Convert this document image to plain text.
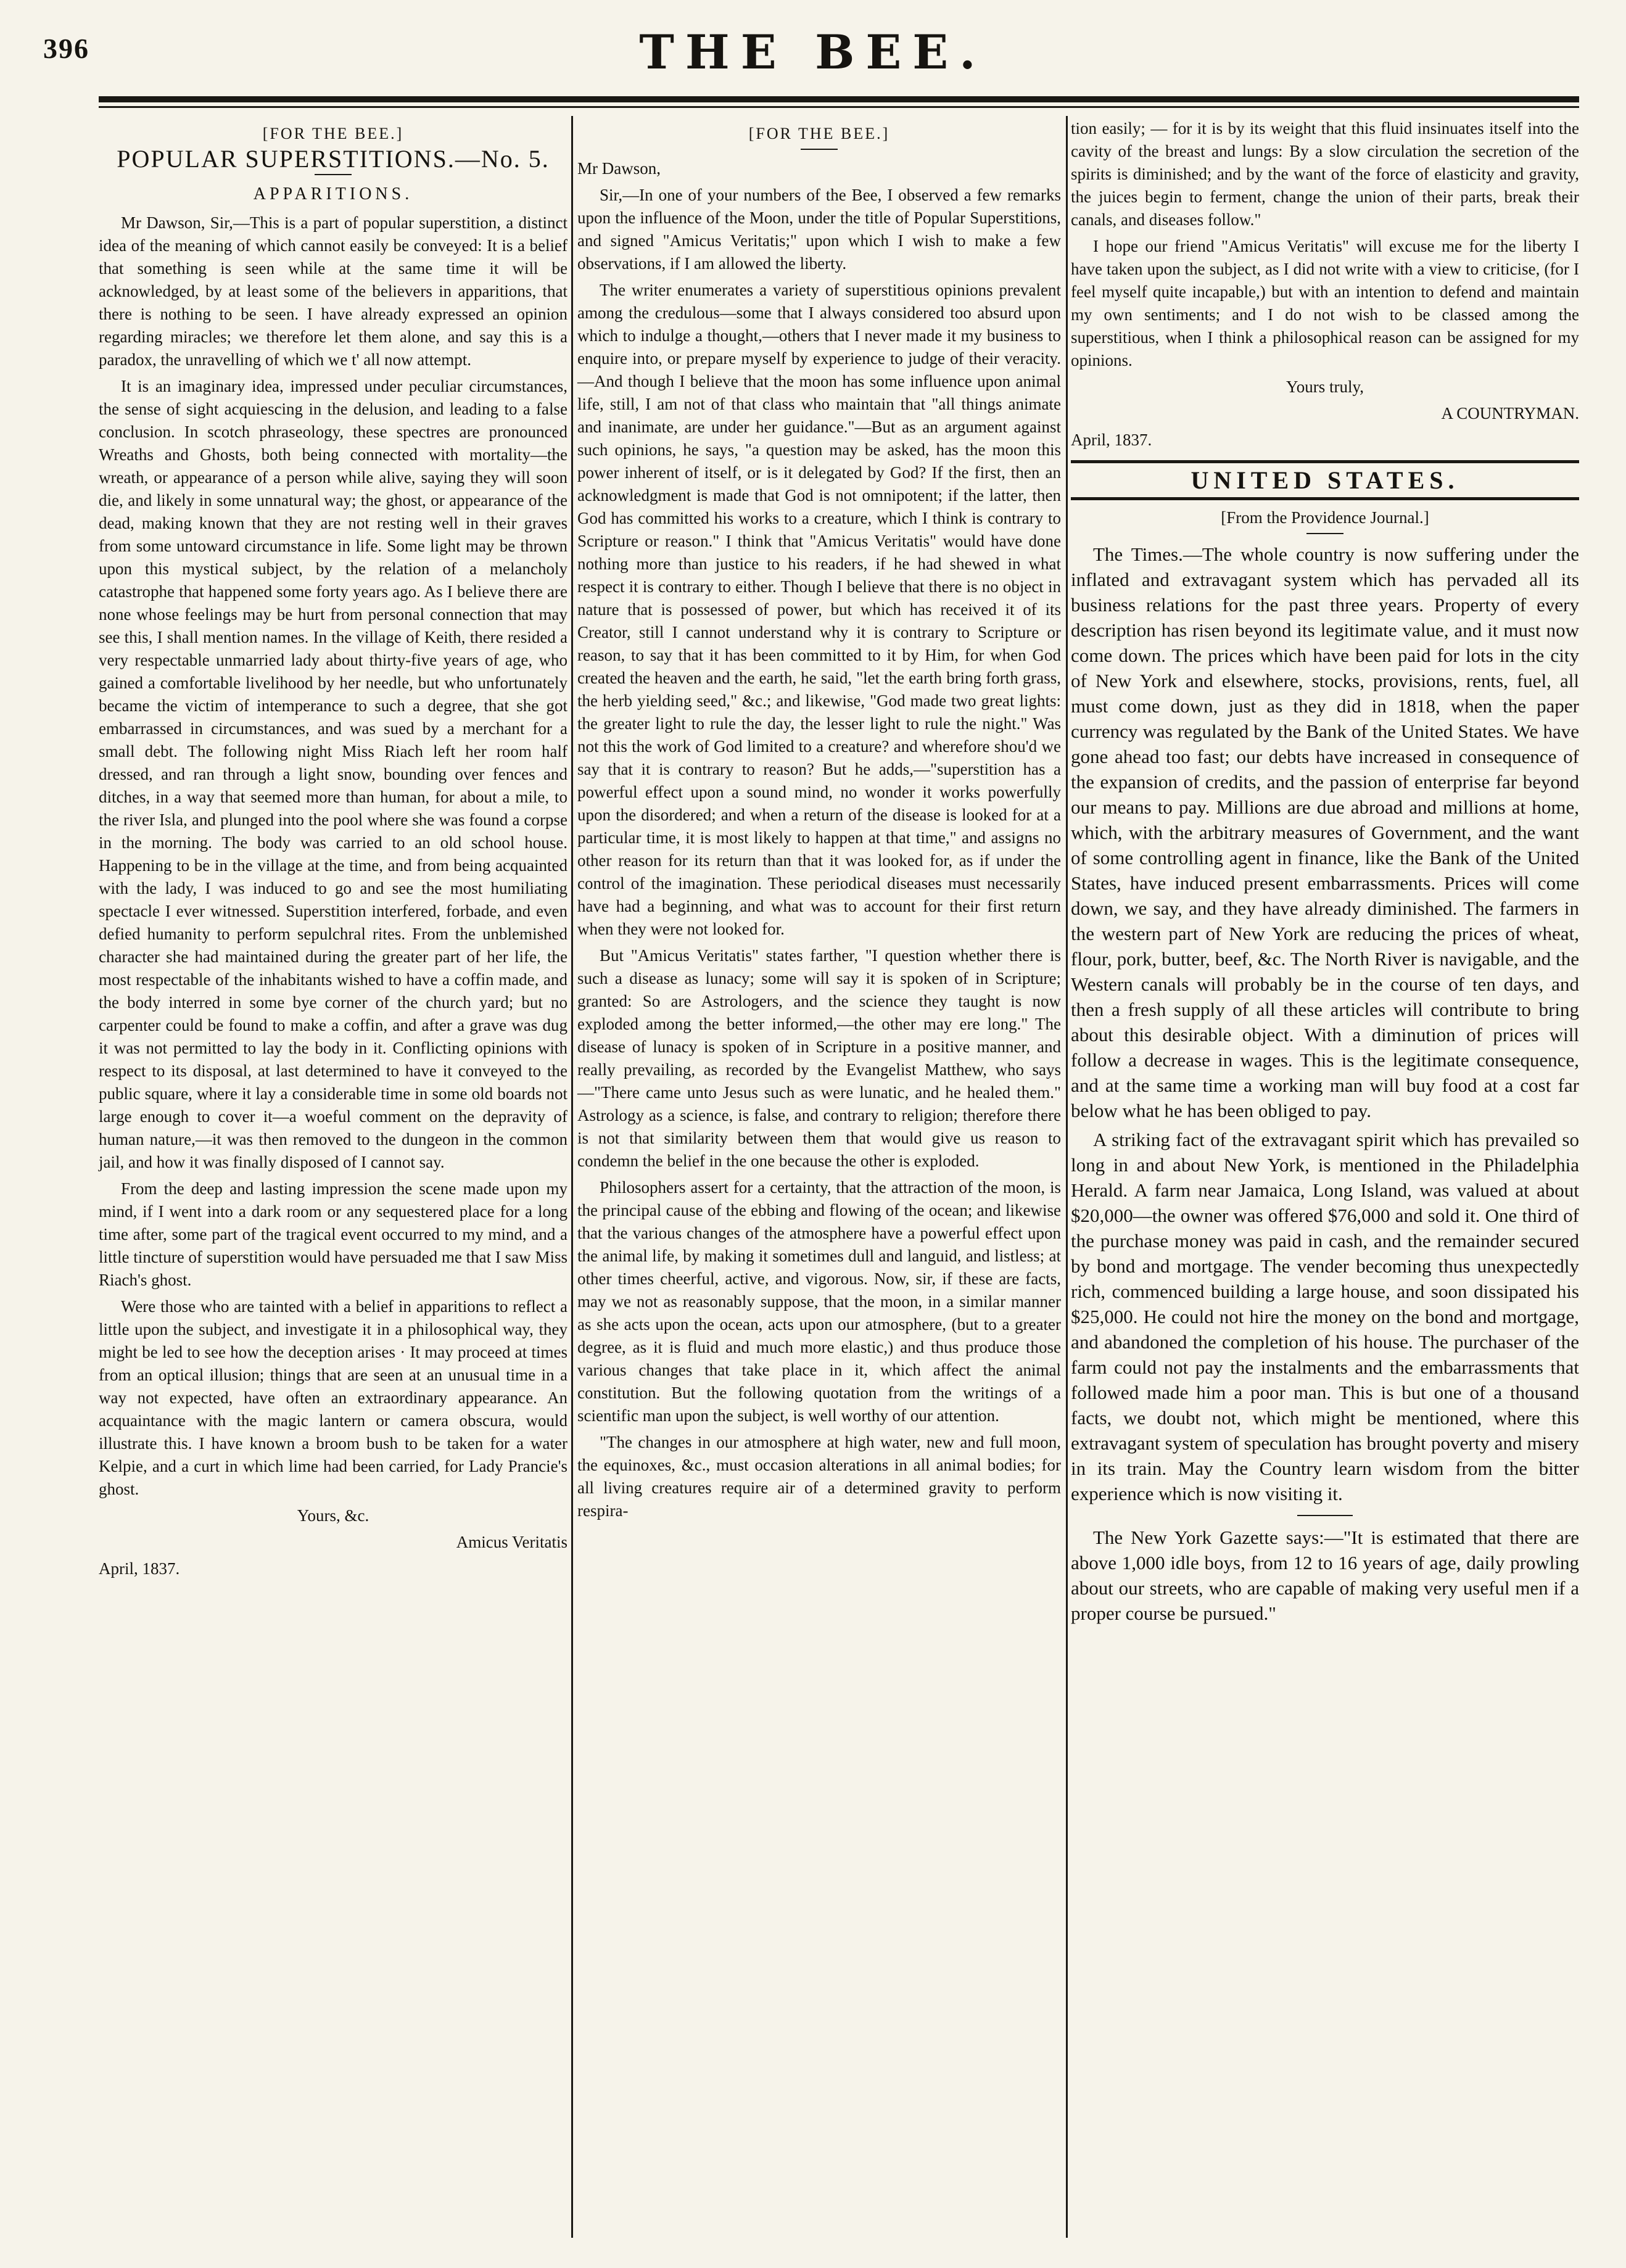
396	THE BEE.
[FOR THE BEE.]
POPULAR SUPERSTITIONS.—No. 5.
APPARITIONS.

Mr Dawson, Sir,—This is a part of popular superstition, a distinct idea of the meaning of which cannot easily be conveyed: It is a belief that something is seen while at the same time it will be acknowledged, by at least some of the believers in apparitions, that there is nothing to be seen. I have already expressed an opinion regarding miracles; we therefore let them alone, and say this is a paradox, the unravelling of which we t' all now attempt.

It is an imaginary idea, impressed under peculiar circumstances, the sense of sight acquiescing in the delusion, and leading to a false conclusion. In scotch phraseology, these spectres are pronounced Wreaths and Ghosts, both being connected with mortality—the wreath, or appearance of a person while alive, saying they will soon die, and likely in some unnatural way; the ghost, or appearance of the dead, making known that they are not resting well in their graves from some untoward circumstance in life. Some light may be thrown upon this mystical subject, by the relation of a melancholy catastrophe that happened some forty years ago. As I believe there are none whose feelings may be hurt from personal connection that may see this, I shall mention names. In the village of Keith, there resided a very respectable unmarried lady about thirty-five years of age, who gained a comfortable livelihood by her needle, but who unfortunately became the victim of intemperance to such a degree, that she got embarrassed in circumstances, and was sued by a merchant for a small debt. The following night Miss Riach left her room half dressed, and ran through a light snow, bounding over fences and ditches, in a way that seemed more than human, for about a mile, to the river Isla, and plunged into the pool where she was found a corpse in the morning. The body was carried to an old school house. Happening to be in the village at the time, and from being acquainted with the lady, I was induced to go and see the most humiliating spectacle I ever witnessed. Superstition interfered, forbade, and even defied humanity to perform sepulchral rites. From the unblemished character she had maintained during the greater part of her life, the most respectable of the inhabitants wished to have a coffin made, and the body interred in some bye corner of the church yard; but no carpenter could be found to make a coffin, and after a grave was dug it was not permitted to lay the body in it. Conflicting opinions with respect to its disposal, at last determined to have it conveyed to the public square, where it lay a considerable time in some old boards not large enough to cover it—a woeful comment on the depravity of human nature,—it was then removed to the dungeon in the common jail, and how it was finally disposed of I cannot say.

From the deep and lasting impression the scene made upon my mind, if I went into a dark room or any sequestered place for a long time after, some part of the tragical event occurred to my mind, and a little tincture of superstition would have persuaded me that I saw Miss Riach's ghost.

Were those who are tainted with a belief in apparitions to reflect a little upon the subject, and investigate it in a philosophical way, they might be led to see how the deception arises · It may proceed at times from an optical illusion; things that are seen at an unusual time in a way not expected, have often an extraordinary appearance. An acquaintance with the magic lantern or camera obscura, would illustrate this. I have known a broom bush to be taken for a water Kelpie, and a curt in which lime had been carried, for Lady Prancie's ghost.

Yours, &c.

Amicus Veritatis

April, 1837.

[FOR THE BEE.]

Mr Dawson,

Sir,—In one of your numbers of the Bee, I observed a few remarks upon the influence of the Moon, under the title of Popular Superstitions, and signed "Amicus Veritatis;" upon which I wish to make a few observations, if I am allowed the liberty.

The writer enumerates a variety of superstitious opinions prevalent among the credulous—some that I always considered too absurd upon which to indulge a thought,—others that I never made it my business to enquire into, or prepare myself by experience to judge of their veracity.—And though I believe that the moon has some influence upon animal life, still, I am not of that class who maintain that "all things animate and inanimate, are under her guidance."—But as an argument against such opinions, he says, "a question may be asked, has the moon this power inherent of itself, or is it delegated by God? If the first, then an acknowledgment is made that God is not omnipotent; if the latter, then God has committed his works to a creature, which I think is contrary to Scripture or reason." I think that "Amicus Veritatis" would have done nothing more than justice to his readers, if he had shewed in what respect it is contrary to either. Though I believe that there is no object in nature that is possessed of power, but which has received it of its Creator, still I cannot understand why it is contrary to Scripture or reason, to say that it has been committed to it by Him, for when God created the heaven and the earth, he said, "let the earth bring forth grass, the herb yielding seed," &c.; and likewise, "God made two great lights: the greater light to rule the day, the lesser light to rule the night." Was not this the work of God limited to a creature? and wherefore shou'd we say that it is contrary to reason? But he adds,—"superstition has a powerful effect upon a sound mind, no wonder it works powerfully upon the disordered; and when a return of the disease is looked for at a particular time, it is most likely to happen at that time," and assigns no other reason for its return than that it was looked for, as if under the control of the imagination. These periodical diseases must necessarily have had a beginning, and what was to account for their first return when they were not looked for.

But "Amicus Veritatis" states farther, "I question whether there is such a disease as lunacy; some will say it is spoken of in Scripture; granted: So are Astrologers, and the science they taught is now exploded among the better informed,—the other may ere long." The disease of lunacy is spoken of in Scripture in a positive manner, and really prevailing, as recorded by the Evangelist Matthew, who says—"There came unto Jesus such as were lunatic, and he healed them." Astrology as a science, is false, and contrary to religion; therefore there is not that similarity between them that would give us reason to condemn the belief in the one because the other is exploded.

Philosophers assert for a certainty, that the attraction of the moon, is the principal cause of the ebbing and flowing of the ocean; and likewise that the various changes of the atmosphere have a powerful effect upon the animal life, by making it sometimes dull and languid, and listless; at other times cheerful, active, and vigorous. Now, sir, if these are facts, may we not as reasonably suppose, that the moon, in a similar manner as she acts upon the ocean, acts upon our atmosphere, (but to a greater degree, as it is fluid and much more elastic,) and thus produce those various changes that take place in it, which affect the animal constitution. But the following quotation from the writings of a scientific man upon the subject, is well worthy of our attention.

"The changes in our atmosphere at high water, new and full moon, the equinoxes, &c., must occasion alterations in all animal bodies; for all living creatures require air of a determined gravity to perform respira-

tion easily; — for it is by its weight that this fluid insinuates itself into the cavity of the breast and lungs: By a slow circulation the secretion of the spirits is diminished; and by the want of the force of elasticity and gravity, the juices begin to ferment, change the union of their parts, break their canals, and diseases follow."

I hope our friend "Amicus Veritatis" will excuse me for the liberty I have taken upon the subject, as I did not write with a view to criticise, (for I feel myself quite incapable,) but with an intention to defend and maintain my own sentiments; and I do not wish to be classed among the superstitious, when I think a philosophical reason can be assigned for my opinions.

Yours truly,

A COUNTRYMAN.

April, 1837.

UNITED STATES.

[From the Providence Journal.]

The Times.—The whole country is now suffering under the inflated and extravagant system which has pervaded all its business relations for the past three years. Property of every description has risen beyond its legitimate value, and it must now come down. The prices which have been paid for lots in the city of New York and elsewhere, stocks, provisions, rents, fuel, all must come down, just as they did in 1818, when the paper currency was regulated by the Bank of the United States. We have gone ahead too fast; our debts have increased in consequence of the expansion of credits, and the passion of enterprise far beyond our means to pay. Millions are due abroad and millions at home, which, with the arbitrary measures of Government, and the want of some controlling agent in finance, like the Bank of the United States, have induced present embarrassments. Prices will come down, we say, and they have already diminished. The farmers in the western part of New York are reducing the prices of wheat, flour, pork, butter, beef, &c. The North River is navigable, and the Western canals will probably be in the course of ten days, and then a fresh supply of all these articles will contribute to bring about this desirable object. With a diminution of prices will follow a decrease in wages. This is the legitimate consequence, and at the same time a working man will buy food at a cost far below what he has been obliged to pay.

A striking fact of the extravagant spirit which has prevailed so long in and about New York, is mentioned in the Philadelphia Herald. A farm near Jamaica, Long Island, was valued at about $20,000—the owner was offered $76,000 and sold it. One third of the purchase money was paid in cash, and the remainder secured by bond and mortgage. The vender becoming thus unexpectedly rich, commenced building a large house, and soon dissipated his $25,000. He could not hire the money on the bond and mortgage, and abandoned the completion of his house. The purchaser of the farm could not pay the instalments and the embarrassments that followed made him a poor man. This is but one of a thousand facts, we doubt not, which might be mentioned, where this extravagant system of speculation has brought poverty and misery in its train. May the Country learn wisdom from the bitter experience which is now visiting it.

The New York Gazette says:—"It is estimated that there are above 1,000 idle boys, from 12 to 16 years of age, daily prowling about our streets, who are capable of making very useful men if a proper course be pursued."
